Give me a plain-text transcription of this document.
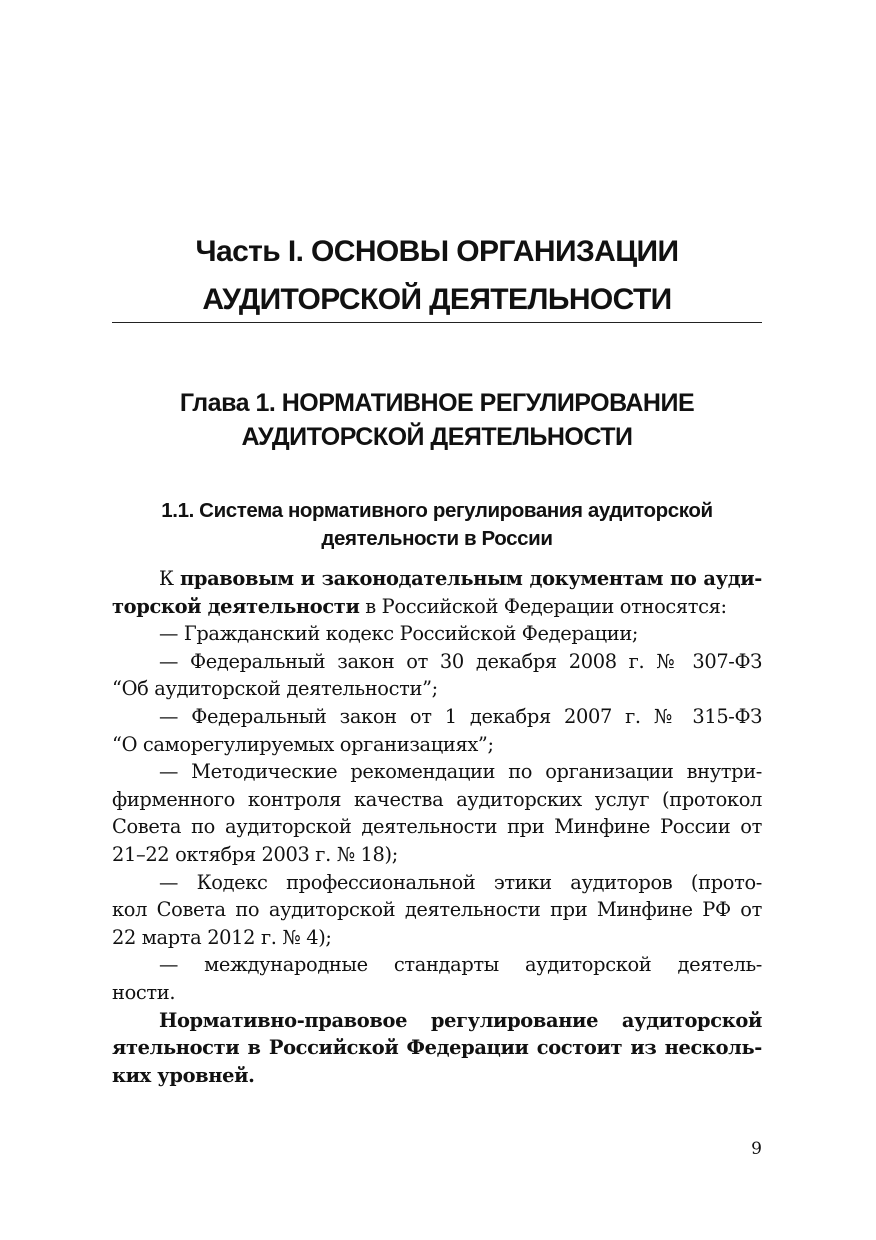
Часть I. ОСНОВЫ ОРГАНИЗАЦИИ
АУДИТОРСКОЙ ДЕЯТЕЛЬНОСТИ
Глава 1. НОРМАТИВНОЕ РЕГУЛИРОВАНИЕ
АУДИТОРСКОЙ ДЕЯТЕЛЬНОСТИ
1.1. Система нормативного регулирования аудиторской
деятельности в России
К правовым и законодательным документам по ауди-
торской деятельности в Российской Федерации относятся:
— Гражданский кодекс Российской Федерации;
— Федеральный закон от 30 декабря 2008 г. № 307-ФЗ
“Об аудиторской деятельности”;
— Федеральный закон от 1 декабря 2007 г. № 315-ФЗ
“О саморегулируемых организациях”;
— Методические рекомендации по организации внутри-
фирменного контроля качества аудиторских услуг (протокол
Совета по аудиторской деятельности при Минфине России от
21–22 октября 2003 г. № 18);
— Кодекс профессиональной этики аудиторов (прото-
кол Совета по аудиторской деятельности при Минфине РФ от
22 марта 2012 г. № 4);
— международные стандарты аудиторской деятель-
ности.
Нормативно-правовое регулирование аудиторской
ятельности в Российской Федерации состоит из несколь-
ких уровней.
9
